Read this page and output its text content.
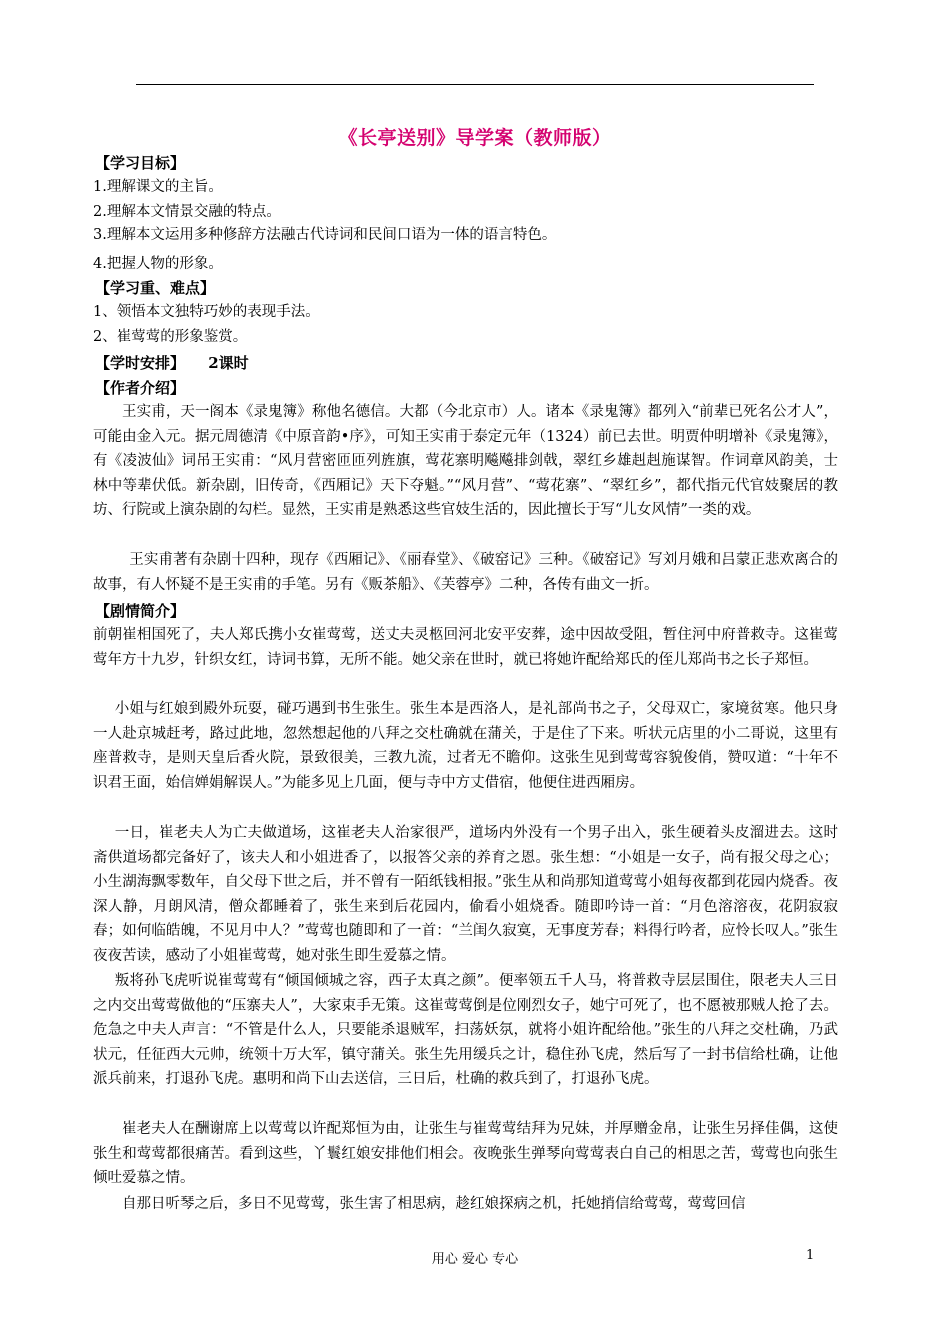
《长亭送别》导学案（教师版）
【学习目标】
1.理解课文的主旨。
2.理解本文情景交融的特点。
3.理解本文运用多种修辞方法融古代诗词和民间口语为一体的语言特色。
4.把握人物的形象。
【学习重、难点】
1、领悟本文独特巧妙的表现手法。
2、崔莺莺的形象鉴赏。
【学时安排】 2课时
【作者介绍】
王实甫，天一阁本《录鬼簿》称他名德信。大都（今北京市）人。诸本《录鬼簿》都列入“前辈已死名公才人”，可能由金入元。据元周德清《中原音韵•序》，可知王实甫于泰定元年（1324）前已去世。明贾仲明增补《录鬼簿》，有《凌波仙》词吊王实甫：“风月营密匝匝列旌旗，莺花寨明飚飚排剑戟，翠红乡雄赳赳施谋智。作词章风韵美，士林中等辈伏低。新杂剧，旧传奇，《西厢记》天下夺魁。”“风月营”、“莺花寨”、“翠红乡”，都代指元代官妓聚居的教坊、行院或上演杂剧的勾栏。显然，王实甫是熟悉这些官妓生活的，因此擅长于写“儿女风情”一类的戏。
王实甫著有杂剧十四种，现存《西厢记》、《丽春堂》、《破窑记》三种。《破窑记》写刘月娥和吕蒙正悲欢离合的故事，有人怀疑不是王实甫的手笔。另有《贩茶船》、《芙蓉亭》二种，各传有曲文一折。
【剧情简介】
前朝崔相国死了，夫人郑氏携小女崔莺莺，送丈夫灵柩回河北安平安葬，途中因故受阻，暂住河中府普救寺。这崔莺莺年方十九岁，针织女红，诗词书算，无所不能。她父亲在世时，就已将她许配给郑氏的侄儿郑尚书之长子郑恒。
小姐与红娘到殿外玩耍，碰巧遇到书生张生。张生本是西洛人，是礼部尚书之子，父母双亡，家境贫寒。他只身一人赴京城赶考，路过此地，忽然想起他的八拜之交杜确就在蒲关，于是住了下来。听状元店里的小二哥说，这里有座普救寺，是则天皇后香火院，景致很美，三教九流，过者无不瞻仰。这张生见到莺莺容貌俊俏，赞叹道：“十年不识君王面，始信婵娟解误人。”为能多见上几面，便与寺中方丈借宿，他便住进西厢房。
一日，崔老夫人为亡夫做道场，这崔老夫人治家很严，道场内外没有一个男子出入，张生硬着头皮溜进去。这时斋供道场都完备好了，该夫人和小姐进香了，以报答父亲的养育之恩。张生想：“小姐是一女子，尚有报父母之心；小生湖海飘零数年，自父母下世之后，并不曾有一陌纸钱相报。”张生从和尚那知道莺莺小姐每夜都到花园内烧香。夜深人静，月朗风清，僧众都睡着了，张生来到后花园内，偷看小姐烧香。随即吟诗一首：“月色溶溶夜，花阴寂寂春；如何临皓魄，不见月中人？”莺莺也随即和了一首：“兰闺久寂寞，无事度芳春；料得行吟者，应怜长叹人。”张生夜夜苦读，感动了小姐崔莺莺，她对张生即生爱慕之情。
叛将孙飞虎听说崔莺莺有“倾国倾城之容，西子太真之颜”。便率领五千人马，将普救寺层层围住，限老夫人三日之内交出莺莺做他的“压寨夫人”，大家束手无策。这崔莺莺倒是位刚烈女子，她宁可死了，也不愿被那贼人抢了去。危急之中夫人声言：“不管是什么人，只要能杀退贼军，扫荡妖氛，就将小姐许配给他。”张生的八拜之交杜确，乃武状元，任征西大元帅，统领十万大军，镇守蒲关。张生先用缓兵之计，稳住孙飞虎，然后写了一封书信给杜确，让他派兵前来，打退孙飞虎。惠明和尚下山去送信，三日后，杜确的救兵到了，打退孙飞虎。
崔老夫人在酬谢席上以莺莺以许配郑恒为由，让张生与崔莺莺结拜为兄妹，并厚赠金帛，让张生另择佳偶，这使张生和莺莺都很痛苦。看到这些，丫鬟红娘安排他们相会。夜晚张生弹琴向莺莺表白自己的相思之苦，莺莺也向张生倾吐爱慕之情。
自那日听琴之后，多日不见莺莺，张生害了相思病，趁红娘探病之机，托她捎信给莺莺，莺莺回信
用心 爱心 专心	1
